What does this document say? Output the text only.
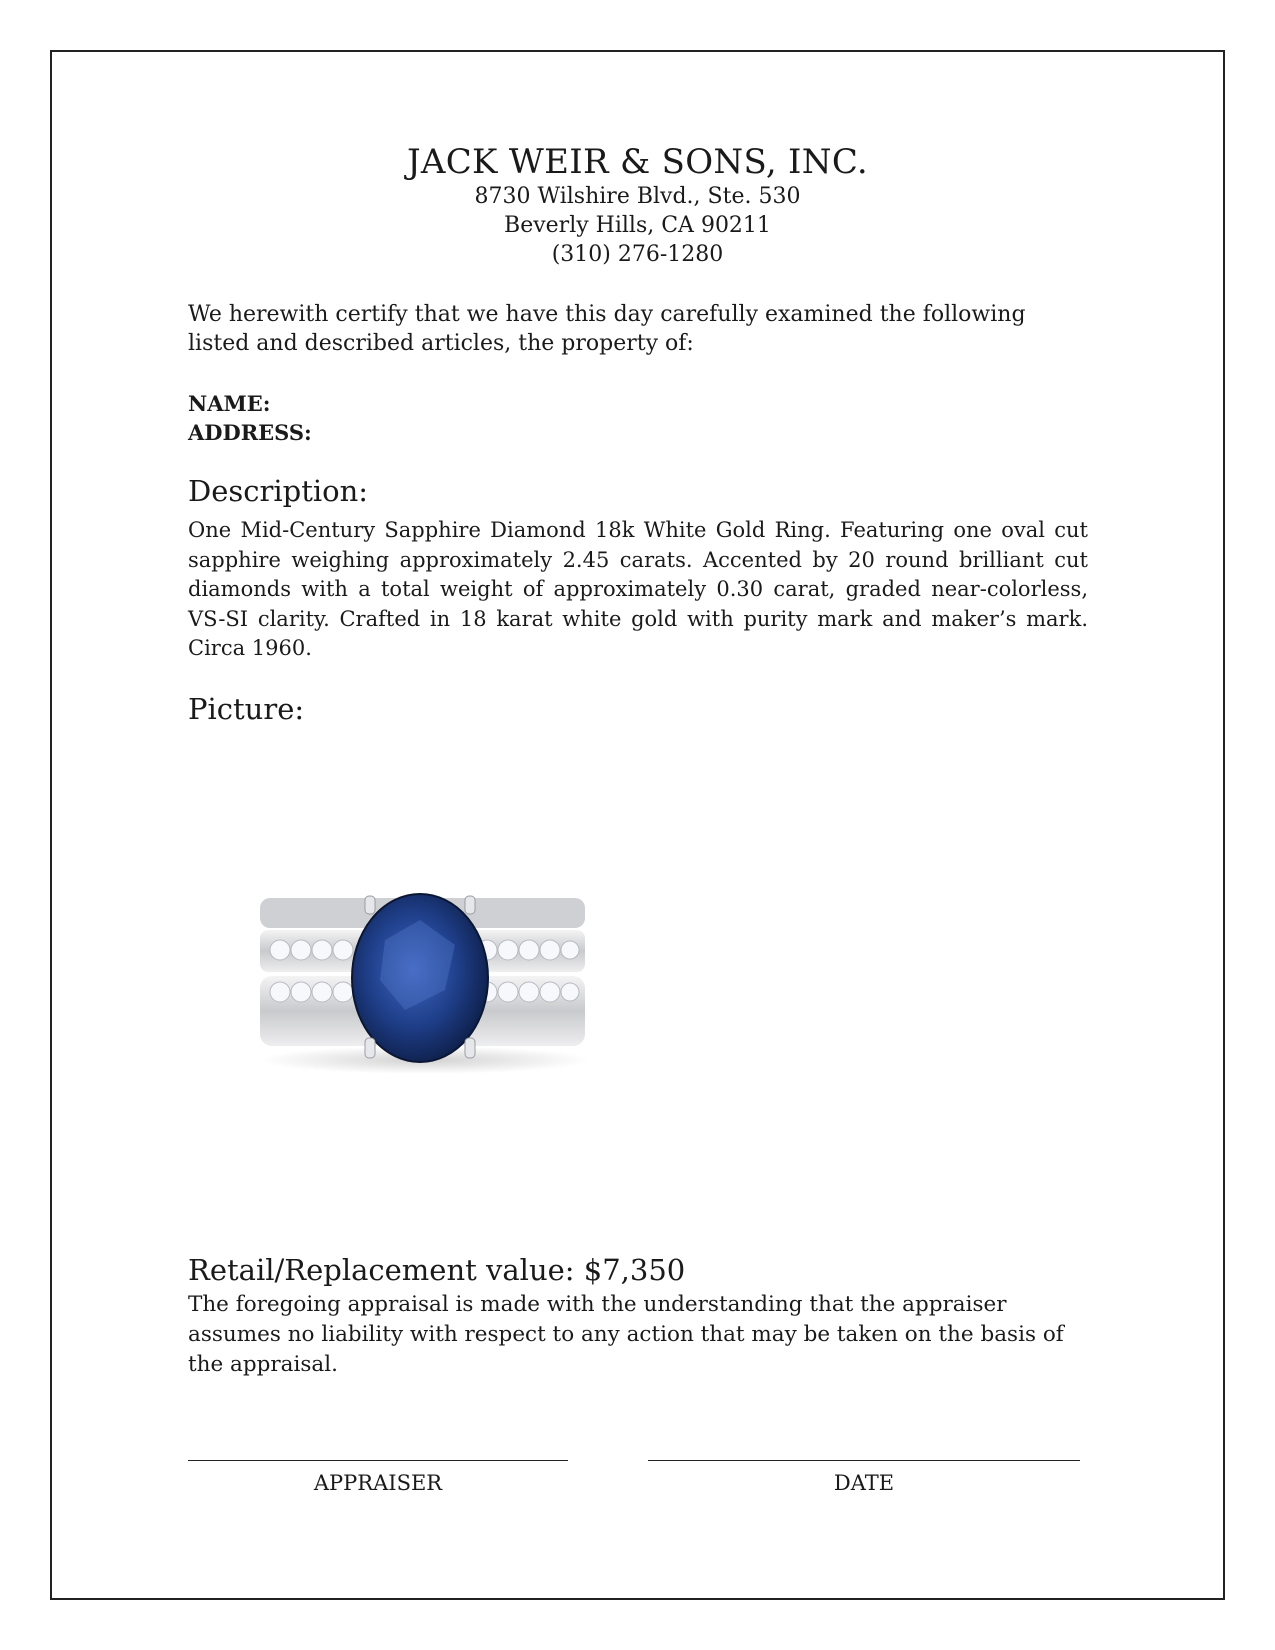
JACK WEIR & SONS, INC.

8730 Wilshire Blvd., Ste. 530

Beverly Hills, CA 90211

(310) 276-1280

We herewith certify that we have this day carefully examined the following listed and described articles, the property of:

NAME:
ADDRESS:
Description:

One Mid-Century Sapphire Diamond 18k White Gold Ring. Featuring one oval cut sapphire weighing approximately 2.45 carats. Accented by 20 round brilliant cut diamonds with a total weight of approximately 0.30 carat, graded near-colorless, VS-SI clarity. Crafted in 18 karat white gold with purity mark and maker’s mark. Circa 1960.

Picture:
Retail/Replacement value: $7,350

The foregoing appraisal is made with the understanding that the appraiser assumes no liability with respect to any action that may be taken on the basis of the appraisal.

APPRAISER	DATE
